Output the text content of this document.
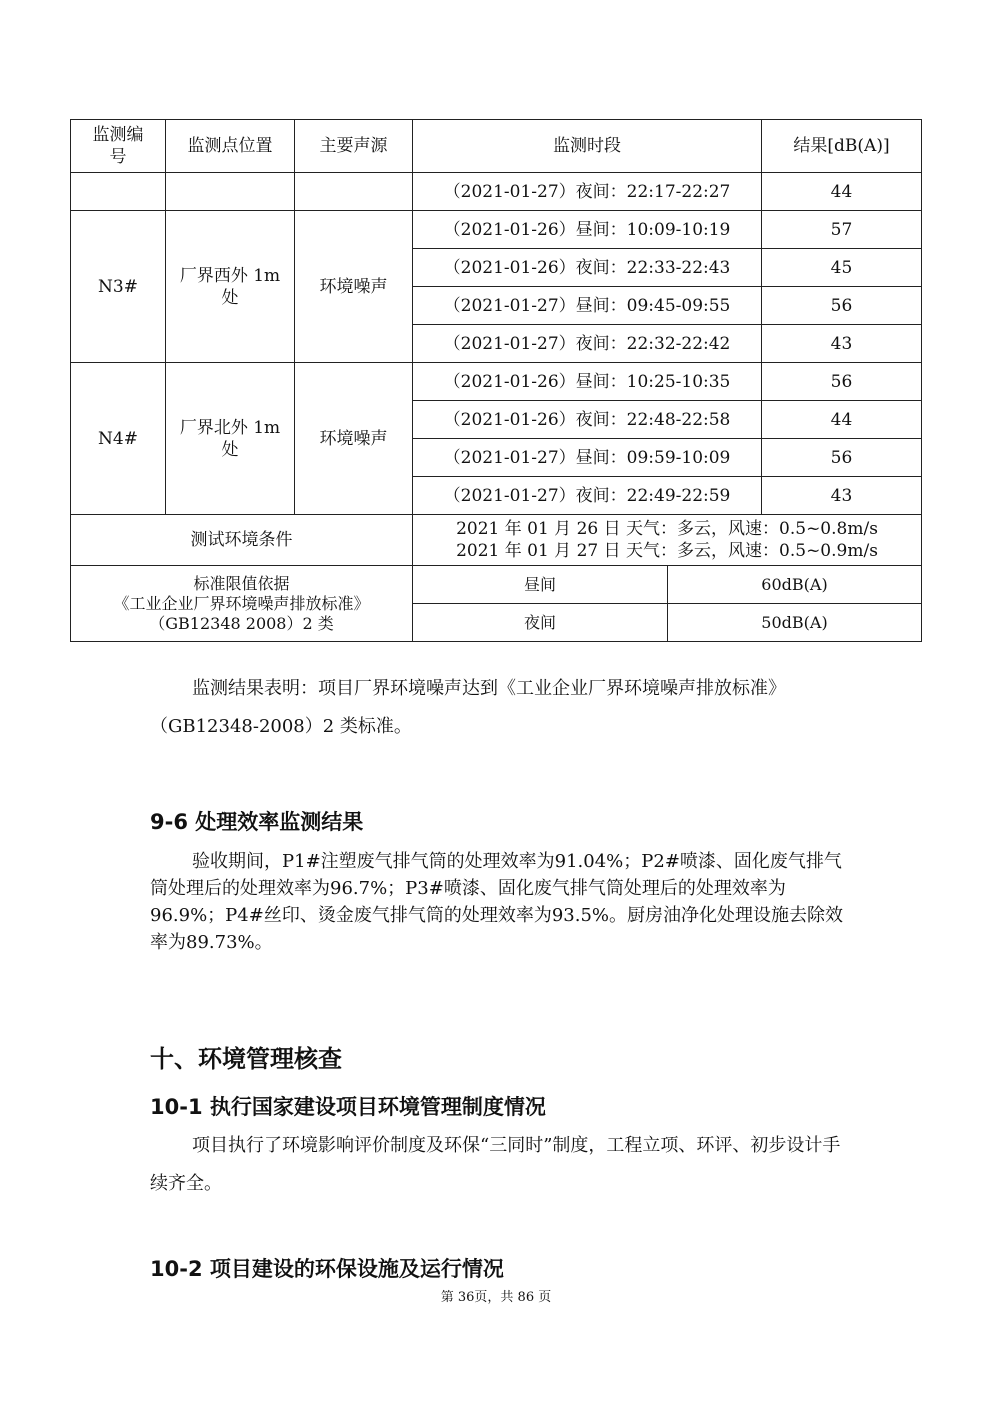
监测编号	监测点位置	主要声源	监测时段		结果[dB(A)]
			（2021-01-27）夜间：22:17-22:27		44
N3#	厂界西外 1m 处	环境噪声	（2021-01-26）昼间：10:09-10:19		57
			（2021-01-26）夜间：22:33-22:43		45
			（2021-01-27）昼间：09:45-09:55		56
			（2021-01-27）夜间：22:32-22:42		43
N4#	厂界北外 1m 处	环境噪声	（2021-01-26）昼间：10:25-10:35		56
			（2021-01-26）夜间：22:48-22:58		44
			（2021-01-27）昼间：09:59-10:09		56
			（2021-01-27）夜间：22:49-22:59		43
测试环境条件			2021 年 01 月 26 日 天气：多云，风速：0.5~0.8m/s
2021 年 01 月 27 日 天气：多云，风速：0.5~0.9m/s		

标准限值依据
《工业企业厂界环境噪声排放标准》
（GB12348 2008）2 类			昼间	60dB(A)	
			夜间	50dB(A)	

监测结果表明：项目厂界环境噪声达到《工业企业厂界环境噪声排放标准》（GB12348-2008）2 类标准。

9-6 处理效率监测结果

验收期间，P1#注塑废气排气筒的处理效率为91.04%；P2#喷漆、固化废气排气筒处理后的处理效率为96.7%；P3#喷漆、固化废气排气筒处理后的处理效率为96.9%；P4#丝印、烫金废气排气筒的处理效率为93.5%。厨房油净化处理设施去除效率为89.73%。

十、环境管理核查
10-1 执行国家建设项目环境管理制度情况

项目执行了环境影响评价制度及环保“三同时”制度，工程立项、环评、初步设计手续齐全。

10-2 项目建设的环保设施及运行情况
第 36页，共 86 页
